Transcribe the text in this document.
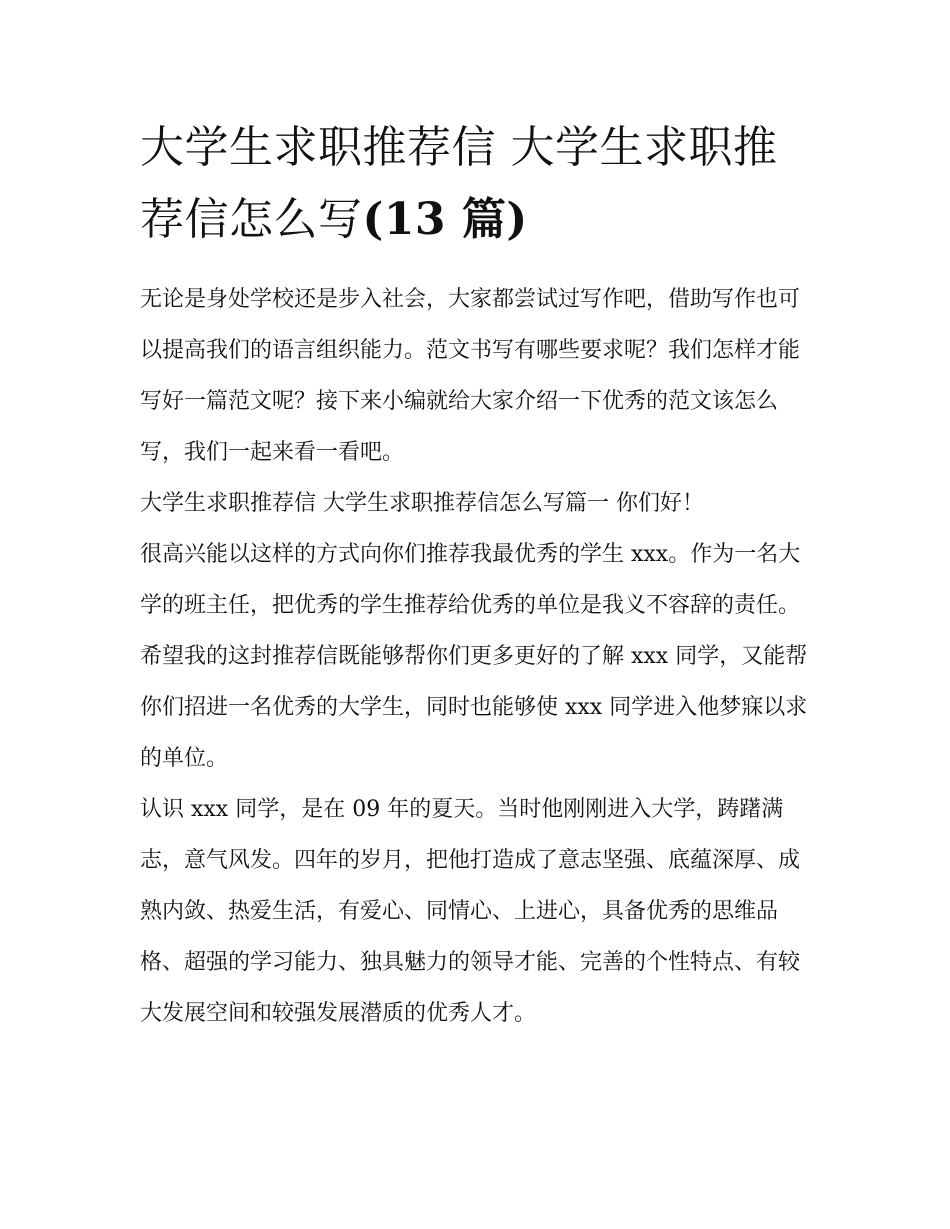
大学生求职推荐信 大学生求职推荐信怎么写(13 篇)

无论是身处学校还是步入社会，大家都尝试过写作吧，借助写作也可以提高我们的语言组织能力。范文书写有哪些要求呢？我们怎样才能写好一篇范文呢？接下来小编就给大家介绍一下优秀的范文该怎么写，我们一起来看一看吧。

大学生求职推荐信 大学生求职推荐信怎么写篇一 你们好！

很高兴能以这样的方式向你们推荐我最优秀的学生 xxx。作为一名大学的班主任，把优秀的学生推荐给优秀的单位是我义不容辞的责任。希望我的这封推荐信既能够帮你们更多更好的了解 xxx 同学，又能帮你们招进一名优秀的大学生，同时也能够使 xxx 同学进入他梦寐以求的单位。

认识 xxx 同学，是在 09 年的夏天。当时他刚刚进入大学，踌躇满志，意气风发。四年的岁月，把他打造成了意志坚强、底蕴深厚、成熟内敛、热爱生活，有爱心、同情心、上进心，具备优秀的思维品格、超强的学习能力、独具魅力的领导才能、完善的个性特点、有较大发展空间和较强发展潜质的优秀人才。
